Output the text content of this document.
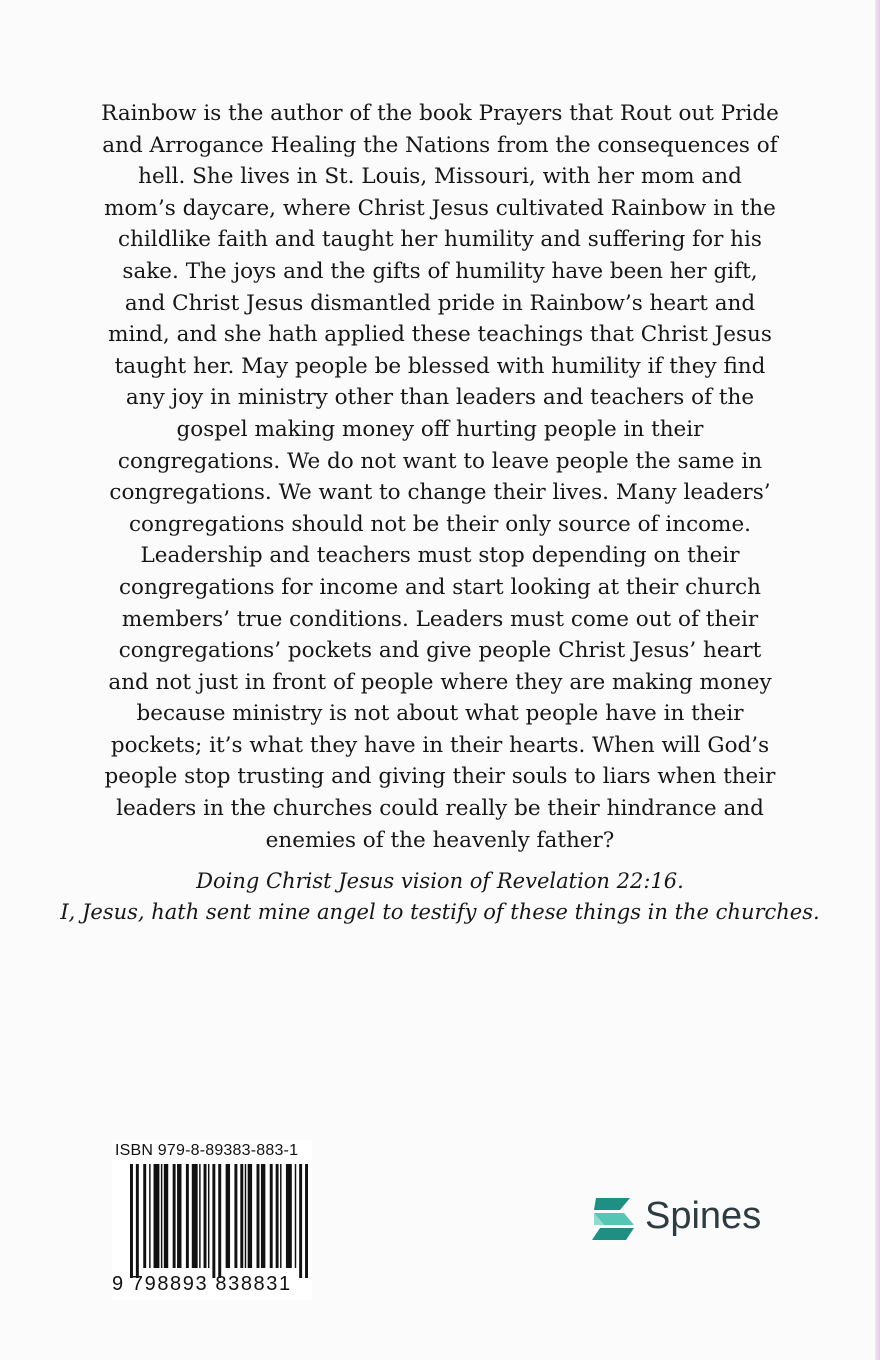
Rainbow is the author of the book Prayers that Rout out Pride and Arrogance Healing the Nations from the consequences of hell. She lives in St. Louis, Missouri, with her mom and mom’s daycare, where Christ Jesus cultivated Rainbow in the childlike faith and taught her humility and suffering for his sake. The joys and the gifts of humility have been her gift, and Christ Jesus dismantled pride in Rainbow’s heart and mind, and she hath applied these teachings that Christ Jesus taught her. May people be blessed with humility if they find any joy in ministry other than leaders and teachers of the gospel making money off hurting people in their congregations. We do not want to leave people the same in congregations. We want to change their lives. Many leaders’ congregations should not be their only source of income. Leadership and teachers must stop depending on their congregations for income and start looking at their church members’ true conditions. Leaders must come out of their congregations’ pockets and give people Christ Jesus’ heart and not just in front of people where they are making money because ministry is not about what people have in their pockets; it’s what they have in their hearts. When will God’s people stop trusting and giving their souls to liars when their leaders in the churches could really be their hindrance and enemies of the heavenly father?

Doing Christ Jesus vision of Revelation 22:16.
I, Jesus, hath sent mine angel to testify of these things in the churches.
ISBN 979-8-89383-883-1
9 798893 838831
Spines
